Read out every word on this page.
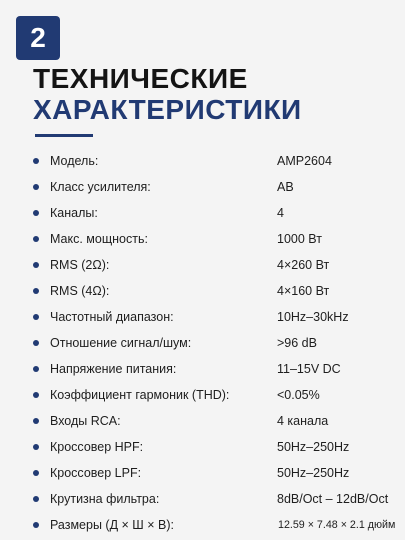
2
ТЕХНИЧЕСКИЕ
ХАРАКТЕРИСТИКИ
Модель:	AMP2604
Класс усилителя:	AB
Каналы:	4
Макс. мощность:	1000 Вт
RMS (2Ω):	4×260 Вт
RMS (4Ω):	4×160 Вт
Частотный диапазон:	10Hz–30kHz
Отношение сигнал/шум:	>96 dB
Напряжение питания:	11–15V DC
Коэффициент гармоник (THD):	<0.05%
Входы RCA:	4 канала
Кроссовер HPF:	50Hz–250Hz
Кроссовер LPF:	50Hz–250Hz
Крутизна фильтра:	8dB/Oct – 12dB/Oct
Размеры (Д × Ш × В):	12.59 × 7.48 × 2.1 дюйм
